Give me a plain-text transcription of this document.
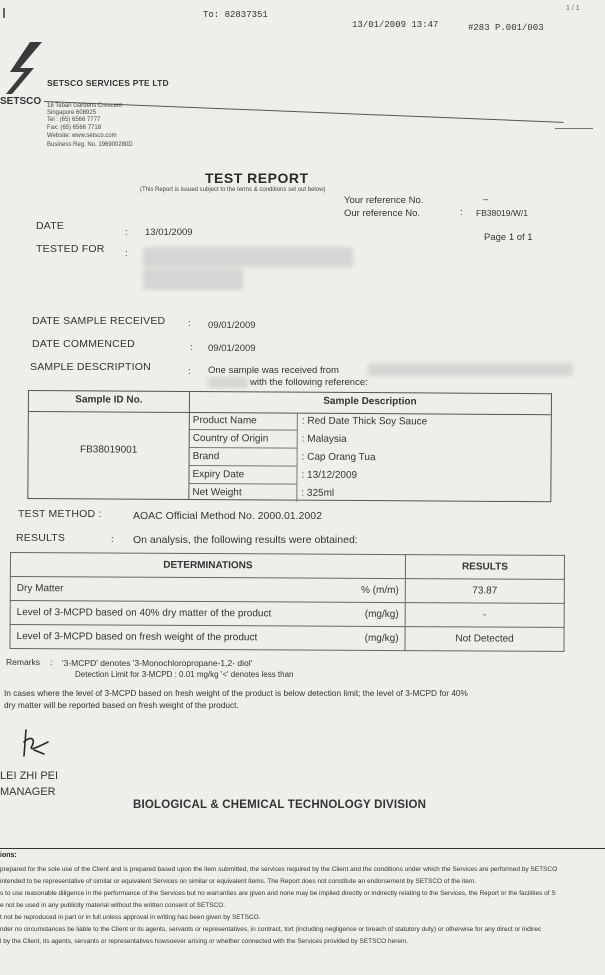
To: 82837351
13/01/2009 13:47	#283 P.001/003
1 / 1
SETSCO
SETSCO SERVICES PTE LTD
18 Teban Gardens Crescent
Singapore 608925
Tel : (65) 6566 7777
Fax: (65) 6566 7718
Website: www.setsco.com
Business Reg. No. 196900280D
TEST REPORT
(This Report is issued subject to the terms & conditions set out below)
Your reference No.	–
Our reference No.	: FB38019/W/1
Page 1 of 1
DATE
: 13/01/2009
TESTED FOR :
DATE SAMPLE RECEIVED : 09/01/2009
DATE COMMENCED	: 09/01/2009
SAMPLE DESCRIPTION	: One sample was received from
with the following reference:
Sample ID No.	Sample Description
FB38019001
Product Name	: Red Date Thick Soy Sauce
Country of Origin	: Malaysia
Brand	: Cap Orang Tua
Expiry Date	: 13/12/2009
Net Weight	: 325ml
TEST METHOD :	AOAC Official Method No. 2000.01.2002
RESULTS	: On analysis, the following results were obtained:
DETERMINATIONS		RESULTS
Dry Matter	% (m/m)	73.87
Level of 3-MCPD based on 40% dry matter of the product	(mg/kg)	-
Level of 3-MCPD based on fresh weight of the product	(mg/kg)	Not Detected
Remarks : '3-MCPD' denotes '3-Monochloropropane-1,2- diol'
Detection Limit for 3-MCPD : 0.01 mg/kg '<' denotes less than
In cases where the level of 3-MCPD based on fresh weight of the product is below detection limit; the level of 3-MCPD for 40%
dry matter will be reported based on fresh weight of the product.
LEI ZHI PEI
MANAGER
BIOLOGICAL & CHEMICAL TECHNOLOGY DIVISION
ions:
prepared for the sole use of the Client and is prepared based upon the item submitted, the services required by the Client and the conditions under which the Services are performed by SETSCO
intended to be representative of similar or equivalent Services on similar or equivalent items. The Report does not constitute an endorsement by SETSCO of the item.
s to use reasonable diligence in the performance of the Services but no warranties are given and none may be implied directly or indirectly relating to the Services, the Report or the facilities of S
e not be used in any publicity material without the written consent of SETSCO.
t not be reproduced in part or in full unless approval in writing has been given by SETSCO.
nder no circumstances be liable to the Client or its agents, servants or representatives, in contract, tort (including negligence or breach of statutory duty) or otherwise for any direct or indirec
l by the Client, its agents, servants or representatives howsoever arising or whether connected with the Services provided by SETSCO herein.
